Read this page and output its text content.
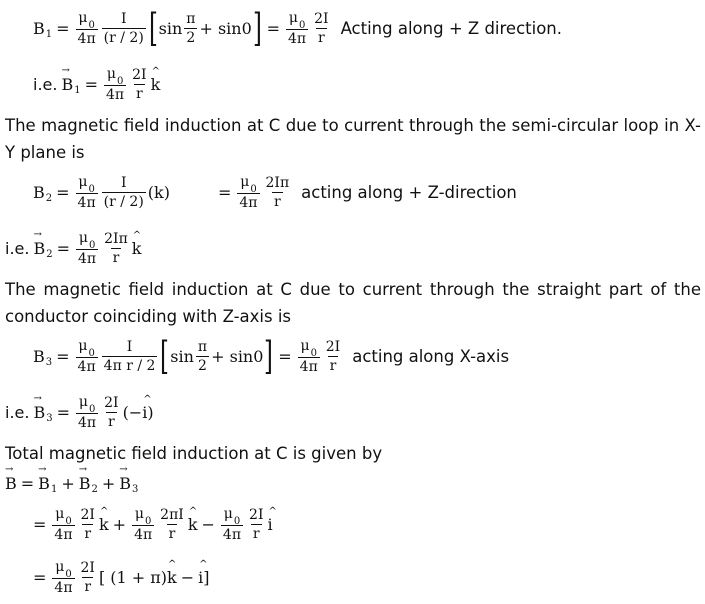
B $1 = \frac{\mu_0}{4\pi} \frac{I}{(r / 2)}$ [ $\sin \frac{\pi}{2} + \sin 0$ ] = $\frac{\mu_0}{4\pi} \frac{2I}{r}$ Acting along + Z direction.
i.e. → B $1 = \frac{\mu_0}{4\pi} \frac{2I}{r}$ ^ k
The magnetic field induction at C due to current through the semi-circular loop in X-Y plane is
B $2 = \frac{\mu_0}{4\pi} \frac{I}{(r / 2)} (k)$	= $\frac{\mu_0}{4\pi} \frac{2I\pi}{r}$ acting along + Z-direction
i.e. → B $2 = \frac{\mu_0}{4\pi} \frac{2I\pi}{r}$ ^ k
The magnetic field induction at C due to current through the straight part of the conductor coinciding with Z-axis is
B $3 = \frac{\mu_0}{4\pi} \frac{I}{\text{4π r / 2}}$ [ $\sin \frac{\pi}{2} + \sin 0$ ] = $\frac{\mu_0}{4\pi} \frac{2I}{r}$ acting along X-axis
i.e. → B $3 = \frac{\mu_0}{4\pi} \frac{2I}{r}$ (− ^ i )
Total magnetic field induction at C is given by
→ B = → B 1 + → B 2 + → B 3
= $\frac{\mu_0}{4\pi} \frac{2I}{r}$ ^ $k + \frac{\mu_0}{4\pi} \frac{2\pi I}{r}$ ^ $k - \frac{\mu_0}{4\pi} \frac{2I}{r}$ ^ i
= $\frac{\mu_0}{4\pi} \frac{2I}{r}$ [ (1 + π) ^ k − ^ i ]
